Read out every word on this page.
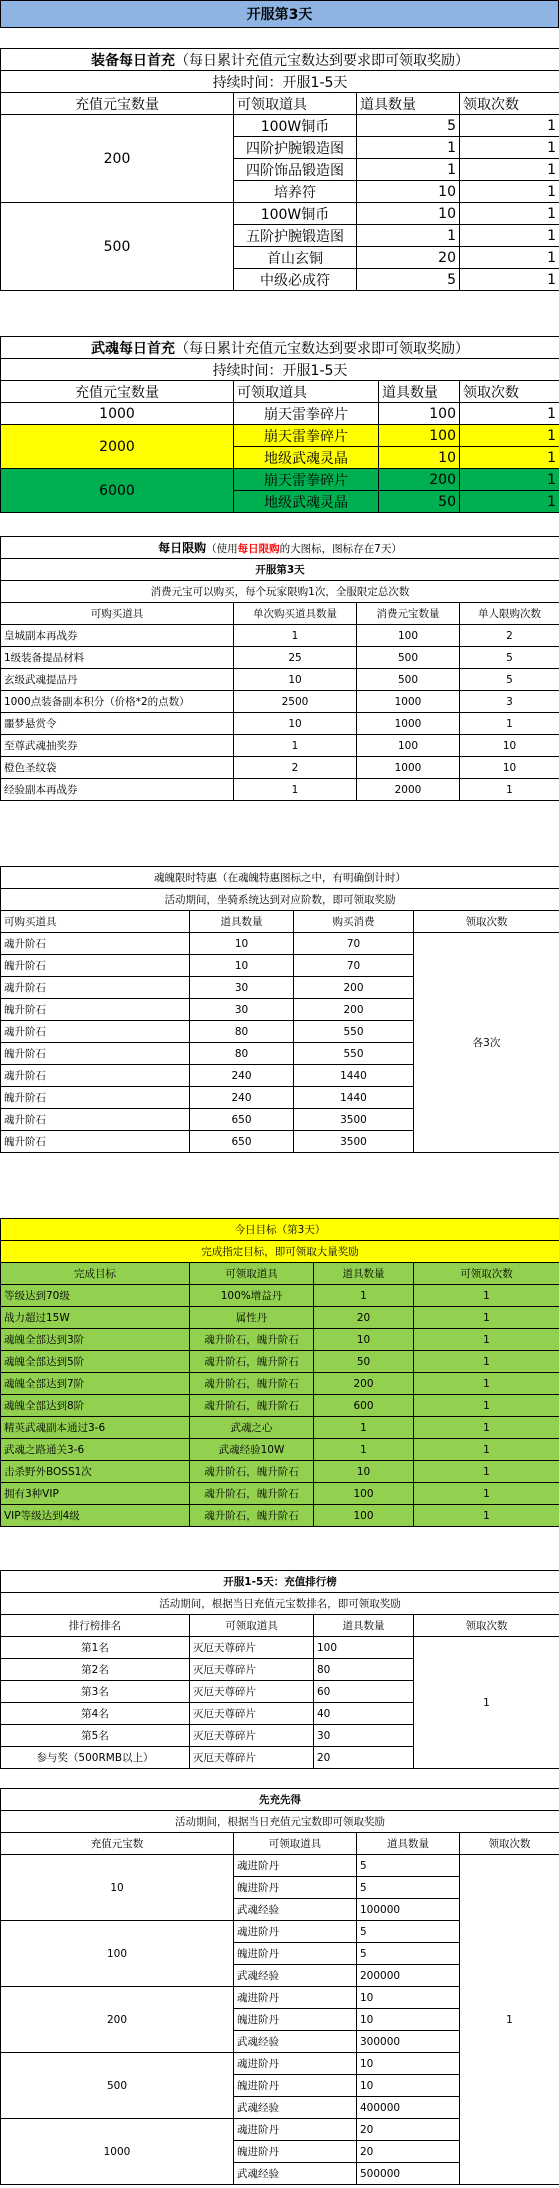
开服第3天
装备每日首充（每日累计充值元宝数达到要求即可领取奖励）			
持续时间：开服1-5天			
充值元宝数量	可领取道具	道具数量	领取次数
200	100W铜币	5	1
	四阶护腕锻造图	1	1
	四阶饰品锻造图	1	1
	培养符	10	1
500	100W铜币	10	1
	五阶护腕锻造图	1	1
	首山玄铜	20	1
	中级必成符	5	1
武魂每日首充（每日累计充值元宝数达到要求即可领取奖励）			
持续时间：开服1-5天			
充值元宝数量	可领取道具	道具数量	领取次数
1000	崩天雷拳碎片	100	1
2000	崩天雷拳碎片	100	1
	地级武魂灵晶	10	1
6000	崩天雷拳碎片	200	1
	地级武魂灵晶	50	1
每日限购（使用每日限购的大图标，图标存在7天）			
开服第3天			
消费元宝可以购买，每个玩家限购1次，全服限定总次数			
可购买道具	单次购买道具数量	消费元宝数量	单人限购次数
皇城副本再战券	1	100	2
1级装备提品材料	25	500	5
玄级武魂提品丹	10	500	5
1000点装备副本积分（价格*2的点数）	2500	1000	3
噩梦悬赏令	10	1000	1
至尊武魂抽奖券	1	100	10
橙色圣纹袋	2	1000	10
经验副本再战券	1	2000	1
魂魄限时特惠（在魂魄特惠图标之中，有明确倒计时）			
活动期间，坐骑系统达到对应阶数，即可领取奖励			
可购买道具	道具数量	购买消费	领取次数
魂升阶石	10	70	各3次
魄升阶石	10	70	
魂升阶石	30	200	
魄升阶石	30	200	
魂升阶石	80	550	
魄升阶石	80	550	
魂升阶石	240	1440	
魄升阶石	240	1440	
魂升阶石	650	3500	
魄升阶石	650	3500	
今日目标（第3天）			
完成指定目标，即可领取大量奖励			
完成目标	可领取道具	道具数量	可领取次数
等级达到70级	100%增益丹	1	1
战力超过15W	属性丹	20	1
魂魄全部达到3阶	魂升阶石，魄升阶石	10	1
魂魄全部达到5阶	魂升阶石，魄升阶石	50	1
魂魄全部达到7阶	魂升阶石，魄升阶石	200	1
魂魄全部达到8阶	魂升阶石，魄升阶石	600	1
精英武魂副本通过3-6	武魂之心	1	1
武魂之路通关3-6	武魂经验10W	1	1
击杀野外BOSS1次	魂升阶石，魄升阶石	10	1
拥有3种VIP	魂升阶石，魄升阶石	100	1
VIP等级达到4级	魂升阶石，魄升阶石	100	1
开服1-5天：充值排行榜			
活动期间，根据当日充值元宝数排名，即可领取奖励			
排行榜排名	可领取道具	道具数量	领取次数
第1名	灭厄天尊碎片	100	1
第2名	灭厄天尊碎片	80	
第3名	灭厄天尊碎片	60	
第4名	灭厄天尊碎片	40	
第5名	灭厄天尊碎片	30	
参与奖（500RMB以上）	灭厄天尊碎片	20	
先充先得			
活动期间，根据当日充值元宝数即可领取奖励			
充值元宝数	可领取道具	道具数量	领取次数
10	魂进阶丹	5	1
	魄进阶丹	5	
	武魂经验	100000	
100	魂进阶丹	5	
	魄进阶丹	5	
	武魂经验	200000	
200	魂进阶丹	10	
	魄进阶丹	10	
	武魂经验	300000	
500	魂进阶丹	10	
	魄进阶丹	10	
	武魂经验	400000	
1000	魂进阶丹	20	
	魄进阶丹	20	
	武魂经验	500000	
